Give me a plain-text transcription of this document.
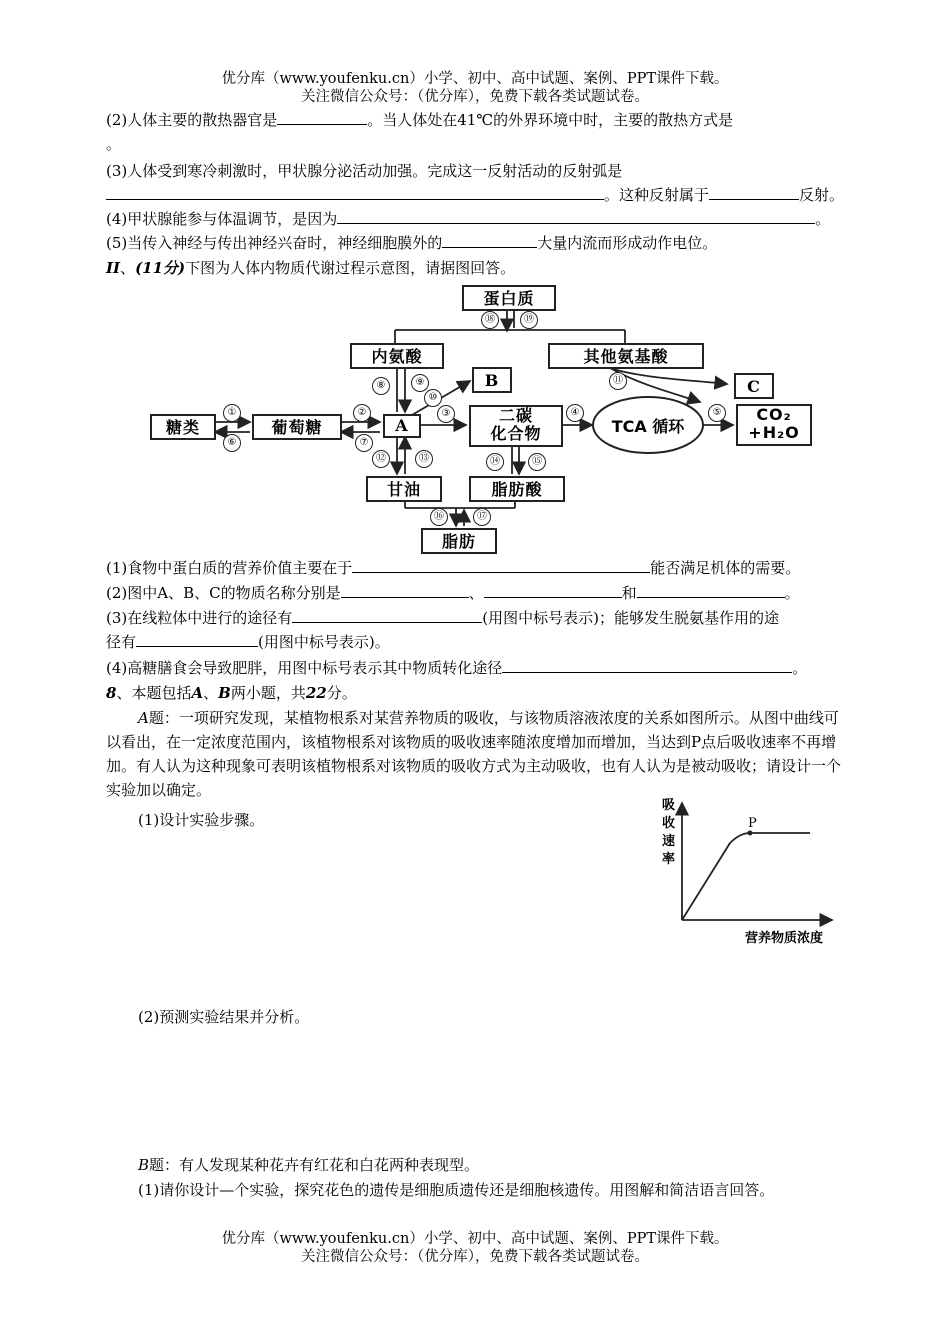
优分库（www.youfenku.cn）小学、初中、高中试题、案例、PPT课件下载。
关注微信公众号：（优分库），免费下载各类试题试卷。
(2)人体主要的散热器官是	。当人体处在41℃的外界环境中时，主要的散热方式是
。
(3)人体受到寒冷刺激时，甲状腺分泌活动加强。完成这一反射活动的反射弧是
。这种反射属于	反射。
(4)甲状腺能参与体温调节，是因为	。
(5)当传入神经与传出神经兴奋时，神经细胞膜外的	大量内流而形成动作电位。
II、(11分)下图为人体内物质代谢过程示意图，请据图回答。
蛋白质
内氨酸	其他氨基酸
B	C
糖类	葡萄糖	A
二碳
化合物	TCA 循环
CO₂
+H₂O
甘油	脂肪酸
脂肪
①	②	③	④	⑤
⑥	⑦
⑧	⑨
⑩
⑪
⑫	⑬	⑭	⑮
⑯	⑰
⑱	⑲
(1)食物中蛋白质的营养价值主要在于	能否满足机体的需要。
(2)图中A、B、C的物质名称分别是	、	和	。
(3)在线粒体中进行的途径有	(用图中标号表示)；能够发生脱氨基作用的途
径有	(用图中标号表示)。
(4)高糖膳食会导致肥胖，用图中标号表示其中物质转化途径	。
8、本题包括A、B两小题，共22分。
A题：一项研究发现，某植物根系对某营养物质的吸收，与该物质溶液浓度的关系如图所示。从图中曲线可以看出，在一定浓度范围内，该植物根系对该物质的吸收速率随浓度增加而增加，当达到P点后吸收速率不再增加。有人认为这种现象可表明该植物根系对该物质的吸收方式为主动吸收，也有人认为是被动吸收；请设计一个实验加以确定。
(1)设计实验步骤。	P
吸
收
速
率
营养物质浓度
(2)预测实验结果并分析。
B题：有人发现某种花卉有红花和白花两种表现型。
(1)请你设计—个实验，探究花色的遗传是细胞质遗传还是细胞核遗传。用图解和简洁语言回答。
优分库（www.youfenku.cn）小学、初中、高中试题、案例、PPT课件下载。
关注微信公众号：（优分库），免费下载各类试题试卷。
